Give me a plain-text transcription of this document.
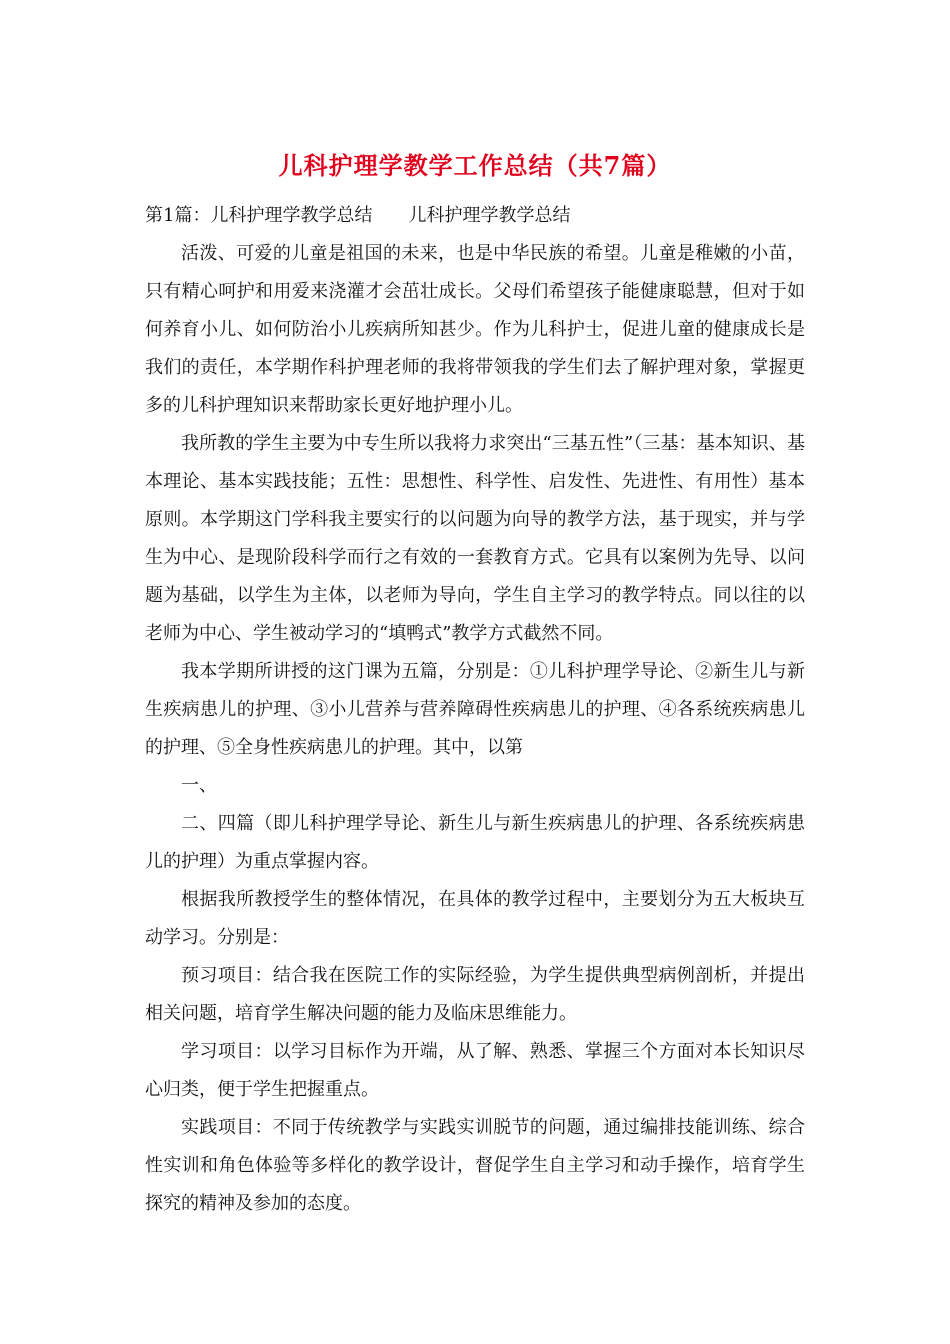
儿科护理学教学工作总结（共7篇）

第1篇：儿科护理学教学总结 儿科护理学教学总结

活泼、可爱的儿童是祖国的未来，也是中华民族的希望。儿童是稚嫩的小苗，只有精心呵护和用爱来浇灌才会茁壮成长。父母们希望孩子能健康聪慧，但对于如何养育小儿、如何防治小儿疾病所知甚少。作为儿科护士，促进儿童的健康成长是我们的责任，本学期作科护理老师的我将带领我的学生们去了解护理对象，掌握更多的儿科护理知识来帮助家长更好地护理小儿。

我所教的学生主要为中专生所以我将力求突出“三基五性”（三基：基本知识、基本理论、基本实践技能；五性：思想性、科学性、启发性、先进性、有用性）基本原则。本学期这门学科我主要实行的以问题为向导的教学方法，基于现实，并与学生为中心、是现阶段科学而行之有效的一套教育方式。它具有以案例为先导、以问题为基础，以学生为主体，以老师为导向，学生自主学习的教学特点。同以往的以老师为中心、学生被动学习的“填鸭式”教学方式截然不同。

我本学期所讲授的这门课为五篇，分别是：①儿科护理学导论、②新生儿与新生疾病患儿的护理、③小儿营养与营养障碍性疾病患儿的护理、④各系统疾病患儿的护理、⑤全身性疾病患儿的护理。其中，以第

一、

二、四篇（即儿科护理学导论、新生儿与新生疾病患儿的护理、各系统疾病患儿的护理）为重点掌握内容。

根据我所教授学生的整体情况，在具体的教学过程中，主要划分为五大板块互动学习。分别是：

预习项目：结合我在医院工作的实际经验，为学生提供典型病例剖析，并提出相关问题，培育学生解决问题的能力及临床思维能力。

学习项目：以学习目标作为开端，从了解、熟悉、掌握三个方面对本长知识尽心归类，便于学生把握重点。

实践项目：不同于传统教学与实践实训脱节的问题，通过编排技能训练、综合性实训和角色体验等多样化的教学设计，督促学生自主学习和动手操作，培育学生探究的精神及参加的态度。
